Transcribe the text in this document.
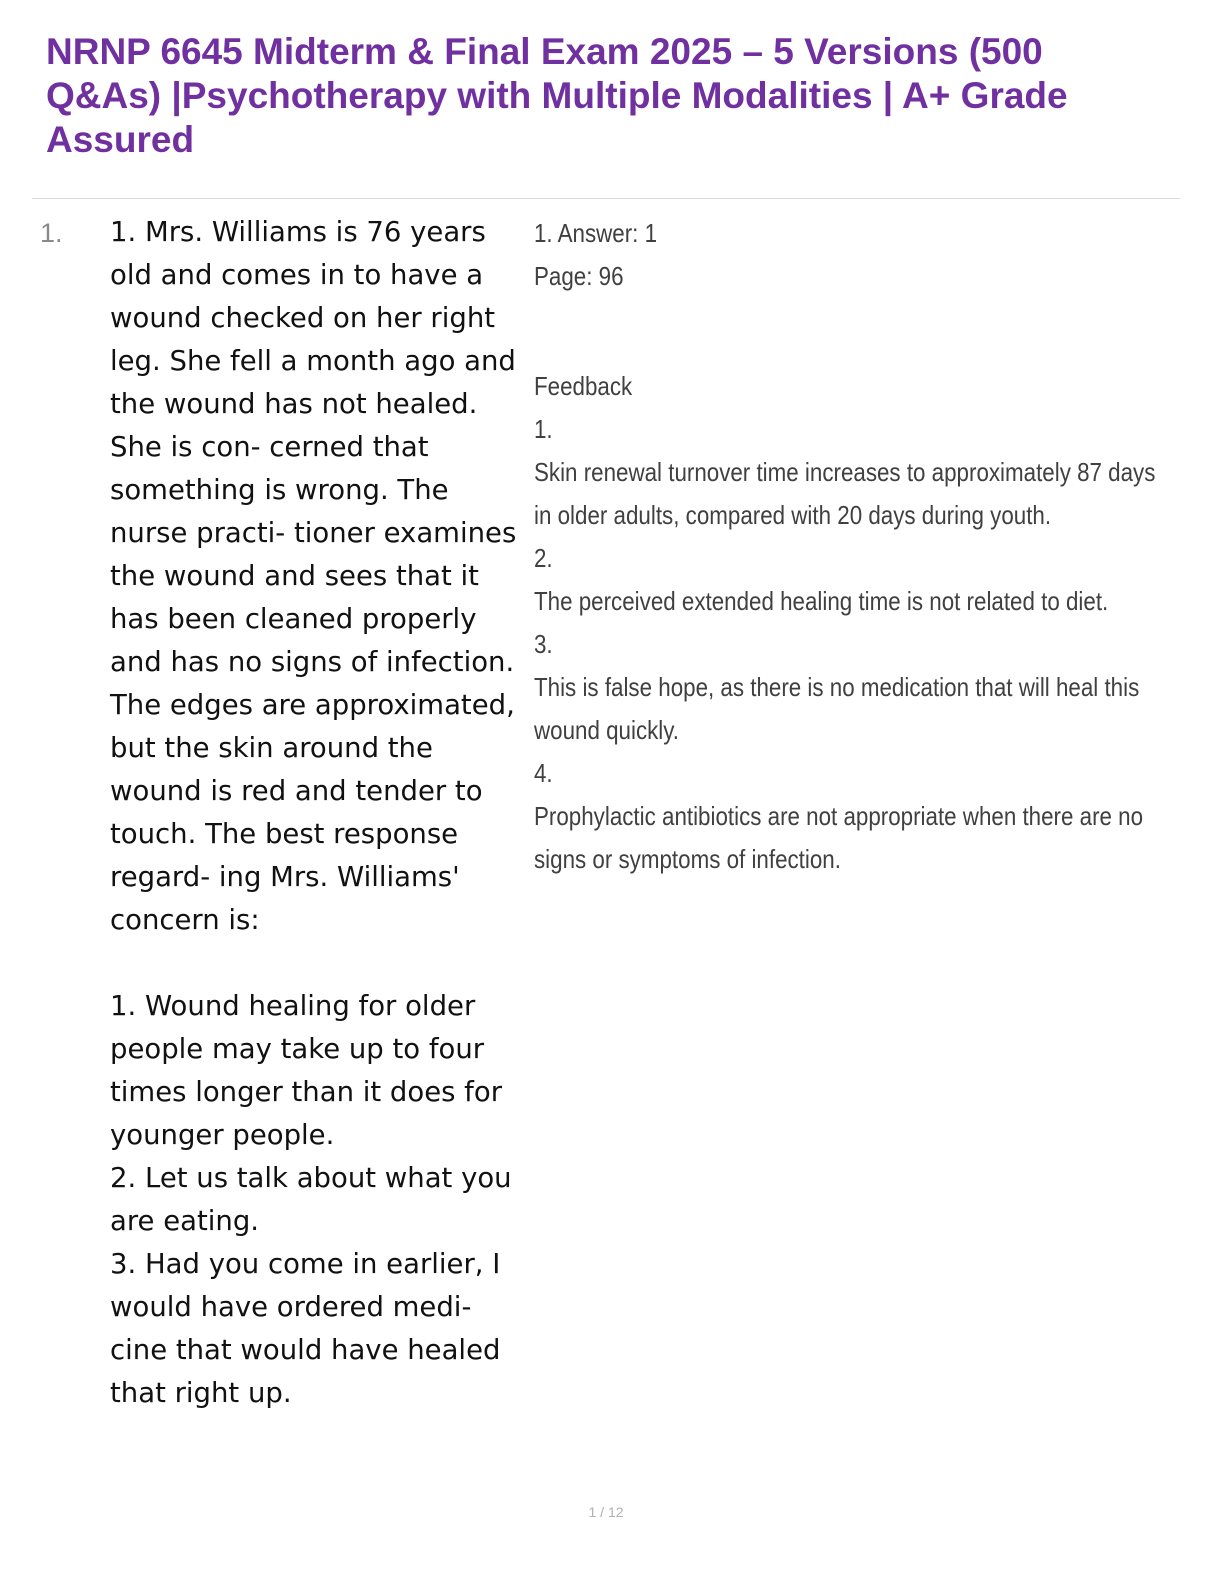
NRNP 6645 Midterm & Final Exam 2025 – 5 Versions (500
Q&As) |Psychotherapy with Multiple Modalities | A+ Grade
Assured
1. 1. Mrs. Williams is 76 years old and comes in to have a wound checked on her right leg. She fell a month ago and the wound has not healed. She is con- cerned that something is wrong. The nurse practi- tioner examines the wound and sees that it has been cleaned properly and has no signs of infection. The edges are approximated, but the skin around the wound is red and tender to touch. The best response regard- ing Mrs. Williams' concern is:

1. Wound healing for older people may take up to four times longer than it does for younger people.

2. Let us talk about what you are eating.

3. Had you come in earlier, I would have ordered medi- cine that would have healed that right up.

1. Answer: 1

Page: 96

Feedback

1.

Skin renewal turnover time increases to approximately 87 days in older adults, compared with 20 days during youth.

2.

The perceived extended healing time is not related to diet.

3.

This is false hope, as there is no medication that will heal this wound quickly.

4.

Prophylactic antibiotics are not appropriate when there are no signs or symptoms of infection.

1 / 12
